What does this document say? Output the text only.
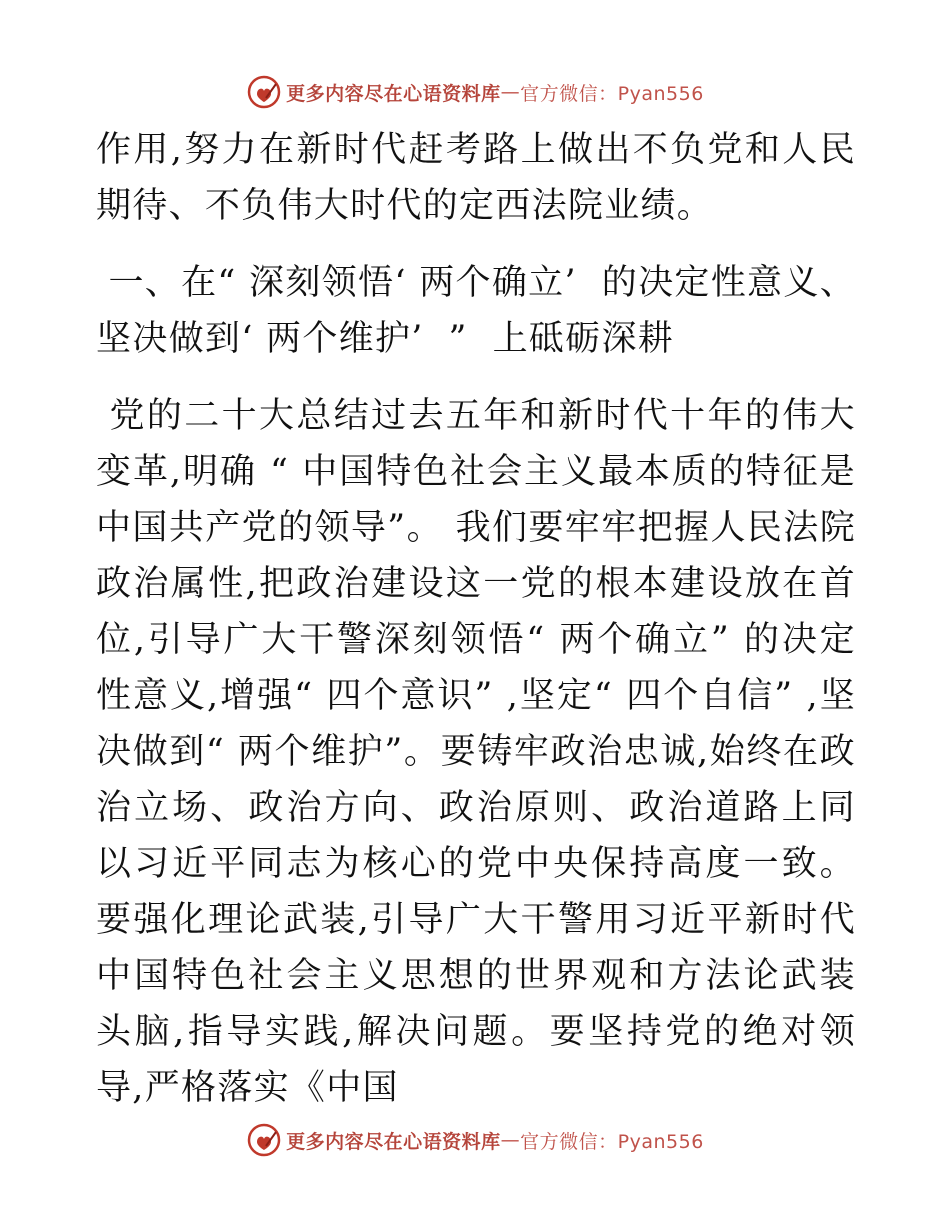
更多内容尽在心语资料库 — 官方微信：Pyan556

作用,努力在新时代赶考路上做出不负党和人民期待、不负伟大时代的定西法院业绩。

一、在“ 深刻领悟‘ 两个确立’  的决定性意义、坚决做到‘ 两个维护’  ”  上砥砺深耕

党的二十大总结过去五年和新时代十年的伟大变革,明确 “ 中国特色社会主义最本质的特征是中国共产党的领导”。 我们要牢牢把握人民法院政治属性,把政治建设这一党的根本建设放在首位,引导广大干警深刻领悟“ 两个确立” 的决定性意义,增强“ 四个意识” ,坚定“ 四个自信” ,坚决做到“ 两个维护”。要铸牢政治忠诚,始终在政治立场、政治方向、政治原则、政治道路上同以习近平同志为核心的党中央保持高度一致。要强化理论武装,引导广大干警用习近平新时代中国特色社会主义思想的世界观和方法论武装头脑,指导实践,解决问题。要坚持党的绝对领导,严格落实《中国

更多内容尽在心语资料库 — 官方微信：Pyan556
